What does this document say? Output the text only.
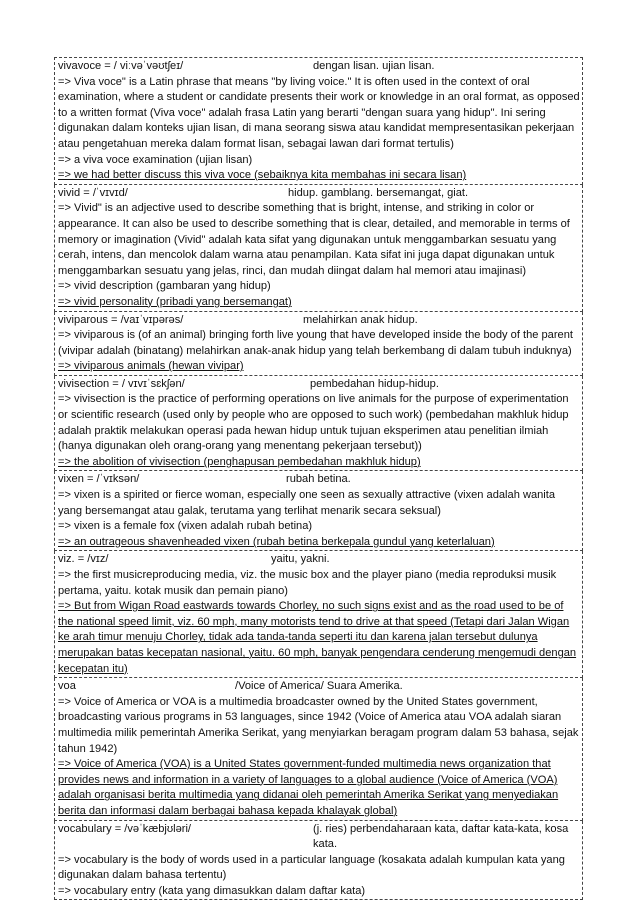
vivavoce = / viːvəˈvəʊtʃeɪ/	dengan lisan. ujian lisan.

=> Viva voce" is a Latin phrase that means "by living voice." It is often used in the context of oral examination, where a student or candidate presents their work or knowledge in an oral format, as opposed to a written format (Viva voce" adalah frasa Latin yang berarti "dengan suara yang hidup". Ini sering digunakan dalam konteks ujian lisan, di mana seorang siswa atau kandidat mempresentasikan pekerjaan atau pengetahuan mereka dalam format lisan, sebagai lawan dari format tertulis)

=> a viva voce examination (ujian lisan)

=> we had better discuss this viva voce (sebaiknya kita membahas ini secara lisan)

vivid = /ˈvɪvɪd/	hidup. gamblang. bersemangat, giat.

=> Vivid" is an adjective used to describe something that is bright, intense, and striking in color or appearance. It can also be used to describe something that is clear, detailed, and memorable in terms of memory or imagination (Vivid" adalah kata sifat yang digunakan untuk menggambarkan sesuatu yang cerah, intens, dan mencolok dalam warna atau penampilan. Kata sifat ini juga dapat digunakan untuk menggambarkan sesuatu yang jelas, rinci, dan mudah diingat dalam hal memori atau imajinasi)

=> vivid description (gambaran yang hidup)

=> vivid personality (pribadi yang bersemangat)

viviparous = /vaɪˈvɪpərəs/	melahirkan anak hidup.

=> viviparous is (of an animal) bringing forth live young that have developed inside the body of the parent (vivipar adalah (binatang) melahirkan anak-anak hidup yang telah berkembang di dalam tubuh induknya)

=> viviparous animals (hewan vivipar)

vivisection = / vɪvɪˈsɛkʃən/	pembedahan hidup-hidup.

=> vivisection is the practice of performing operations on live animals for the purpose of experimentation or scientific research (used only by people who are opposed to such work) (pembedahan makhluk hidup adalah praktik melakukan operasi pada hewan hidup untuk tujuan eksperimen atau penelitian ilmiah (hanya digunakan oleh orang-orang yang menentang pekerjaan tersebut))

=> the abolition of vivisection (penghapusan pembedahan makhluk hidup)

vixen = /ˈvɪksən/	rubah betina.

=> vixen is a spirited or fierce woman, especially one seen as sexually attractive (vixen adalah wanita yang bersemangat atau galak, terutama yang terlihat menarik secara seksual)

=> vixen is a female fox (vixen adalah rubah betina)

=> an outrageous shavenheaded vixen (rubah betina berkepala gundul yang keterlaluan)

viz. = /vɪz/	yaitu, yakni.

=> the first musicreproducing media, viz. the music box and the player piano (media reproduksi musik pertama, yaitu. kotak musik dan pemain piano)

=> But from Wigan Road eastwards towards Chorley, no such signs exist and as the road used to be of the national speed limit, viz. 60 mph, many motorists tend to drive at that speed (Tetapi dari Jalan Wigan ke arah timur menuju Chorley, tidak ada tanda-tanda seperti itu dan karena jalan tersebut dulunya merupakan batas kecepatan nasional, yaitu. 60 mph, banyak pengendara cenderung mengemudi dengan kecepatan itu)

voa	/Voice of America/ Suara Amerika.

=> Voice of America or VOA is a multimedia broadcaster owned by the United States government, broadcasting various programs in 53 languages, since 1942 (Voice of America atau VOA adalah siaran multimedia milik pemerintah Amerika Serikat, yang menyiarkan beragam program dalam 53 bahasa, sejak tahun 1942)

=> Voice of America (VOA) is a United States government-funded multimedia news organization that provides news and information in a variety of languages to a global audience (Voice of America (VOA) adalah organisasi berita multimedia yang didanai oleh pemerintah Amerika Serikat yang menyediakan berita dan informasi dalam berbagai bahasa kepada khalayak global)

vocabulary = /vəˈkæbjʊləri/	(j. ries) perbendaharaan kata, daftar kata-kata, kosa kata.

=> vocabulary is the body of words used in a particular language (kosakata adalah kumpulan kata yang digunakan dalam bahasa tertentu)

=> vocabulary entry (kata yang dimasukkan dalam daftar kata)
